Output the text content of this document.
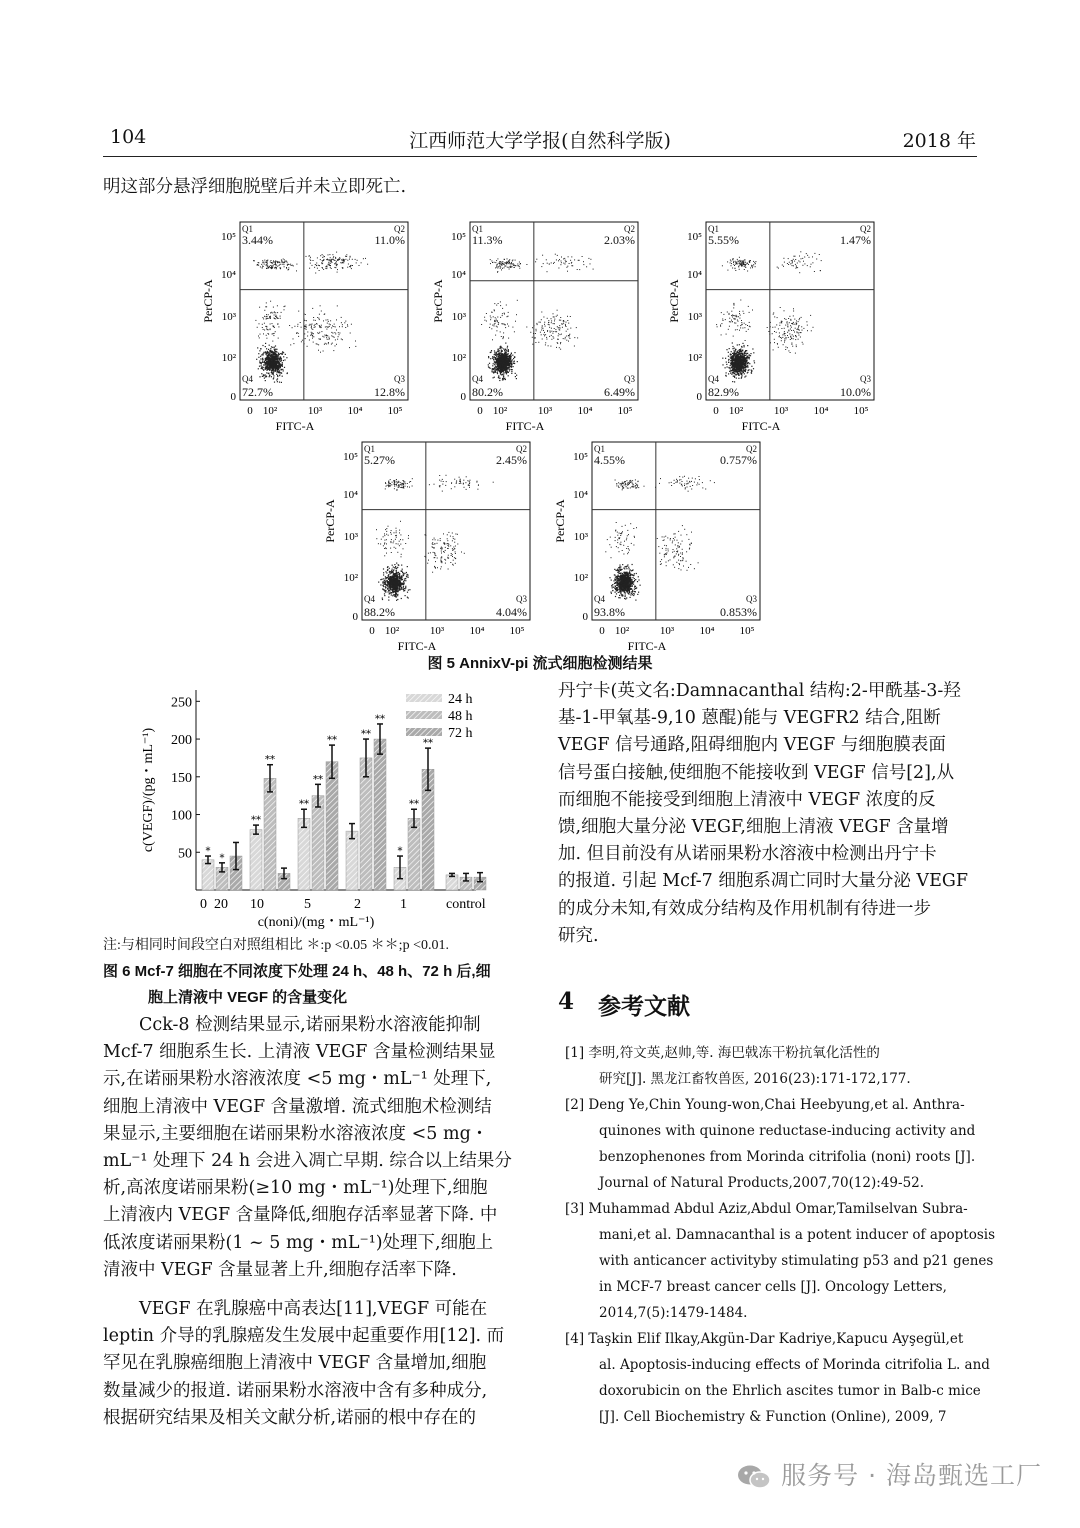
104	江西师范大学学报(自然科学版)	2018 年
明这部分悬浮细胞脱壁后并未立即死亡.
10⁵
10⁴
10³
10²
0
0 10²	10³ 10⁴ 10⁵
PerCP-A
FITC-A
Q1	Q2
Q3
Q4
3.44%	11.0%
12.8%
72.7%
10⁵
10⁴
10³
10²
0
0 10²	10³ 10⁴ 10⁵
PerCP-A
FITC-A
Q1	Q2
Q3
Q4
11.3%	2.03%
6.49%
80.2%
10⁵
10⁴
10³
10²
0
0 10²	10³ 10⁴ 10⁵
PerCP-A
FITC-A
Q1	Q2
Q3
Q4
5.55%	1.47%
10.0%
82.9%
10⁵
10⁴
10³
10²
0
0 10²	10³ 10⁴ 10⁵
PerCP-A
FITC-A
Q1	Q2
Q3
Q4
5.27%	2.45%
4.04%
88.2%
10⁵
10⁴
10³
10²
0
0 10²	10³ 10⁴ 10⁵
PerCP-A
FITC-A
Q1	Q2
Q3
Q4
4.55%	0.757%
0.853%
93.8%
图 5 AnnixV-pi 流式细胞检测结果
50
100
150
200
250
*
*
**
**
**
**
**
**
**
*
**
**
0 20 10	5	2	1	control
c(noni)/(mg・mL⁻¹)
c(VEGF)/(pg・mL⁻¹)
24 h
48 h
72 h
注:与相同时间段空白对照组相比 ＊:p <0.05 ＊＊;p <0.01.
图 6 Mcf-7 细胞在不同浓度下处理 24 h、48 h、72 h 后,细
胞上清液中 VEGF 的含量变化
Cck-8 检测结果显示,诺丽果粉水溶液能抑制
Mcf-7 细胞系生长. 上清液 VEGF 含量检测结果显
示,在诺丽果粉水溶液浓度 <5 mg・mL⁻¹ 处理下,
细胞上清液中 VEGF 含量激增. 流式细胞术检测结
果显示,主要细胞在诺丽果粉水溶液浓度 <5 mg・
mL⁻¹ 处理下 24 h 会进入凋亡早期. 综合以上结果分
析,高浓度诺丽果粉(≥10 mg・mL⁻¹)处理下,细胞
上清液内 VEGF 含量降低,细胞存活率显著下降. 中
低浓度诺丽果粉(1 ~ 5 mg・mL⁻¹)处理下,细胞上
清液中 VEGF 含量显著上升,细胞存活率下降.
VEGF 在乳腺癌中高表达[11],VEGF 可能在
leptin 介导的乳腺癌发生发展中起重要作用[12]. 而
罕见在乳腺癌细胞上清液中 VEGF 含量增加,细胞
数量减少的报道. 诺丽果粉水溶液中含有多种成分,
根据研究结果及相关文献分析,诺丽的根中存在的
丹宁卡(英文名:Damnacanthal 结构:2-甲酰基-3-羟
基-1-甲氧基-9,10 蒽醌)能与 VEGFR2 结合,阻断
VEGF 信号通路,阻碍细胞内 VEGF 与细胞膜表面
信号蛋白接触,使细胞不能接收到 VEGF 信号[2],从
而细胞不能接受到细胞上清液中 VEGF 浓度的反
馈,细胞大量分泌 VEGF,细胞上清液 VEGF 含量增
加. 但目前没有从诺丽果粉水溶液中检测出丹宁卡
的报道. 引起 Mcf-7 细胞系凋亡同时大量分泌 VEGF
的成分未知,有效成分结构及作用机制有待进一步
研究.
4 参考文献
[1] 李明,符文英,赵帅,等. 海巴戟冻干粉抗氧化活性的
研究[J]. 黑龙江畜牧兽医, 2016(23):171-172,177.
[2] Deng Ye,Chin Young-won,Chai Heebyung,et al. Anthra-
quinones with quinone reductase-inducing activity and
benzophenones from Morinda citrifolia (noni) roots [J].
Journal of Natural Products,2007,70(12):49-52.
[3] Muhammad Abdul Aziz,Abdul Omar,Tamilselvan Subra-
mani,et al. Damnacanthal is a potent inducer of apoptosis
with anticancer activityby stimulating p53 and p21 genes
in MCF-7 breast cancer cells [J]. Oncology Letters,
2014,7(5):1479-1484.
[4] Taşkin Elif Ilkay,Akgün-Dar Kadriye,Kapucu Ayşegül,et
al. Apoptosis-inducing effects of Morinda citrifolia L. and
doxorubicin on the Ehrlich ascites tumor in Balb-c mice
[J]. Cell Biochemistry & Function (Online), 2009, 7
服务号 · 海岛甄选工厂
